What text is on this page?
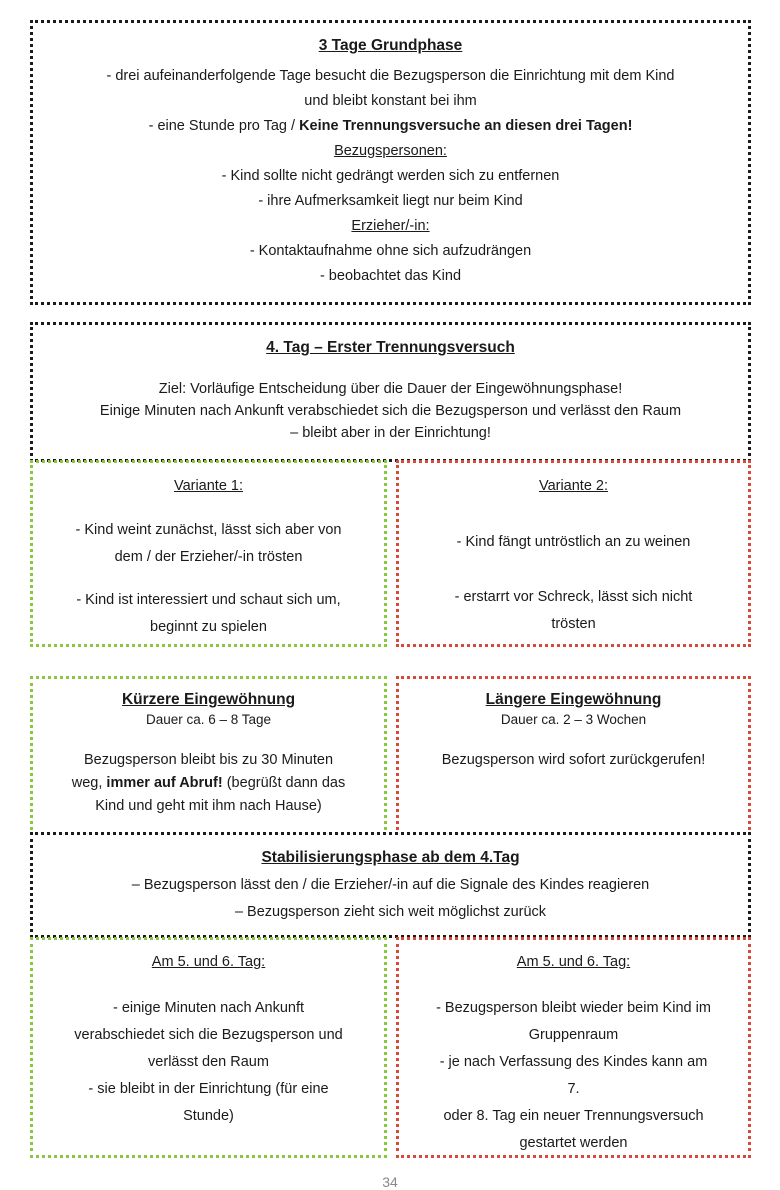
3 Tage Grundphase
- drei aufeinanderfolgende Tage besucht die Bezugsperson die Einrichtung mit dem Kind
und bleibt konstant bei ihm
- eine Stunde pro Tag / Keine Trennungsversuche an diesen drei Tagen!
Bezugspersonen:
- Kind sollte nicht gedrängt werden sich zu entfernen
- ihre Aufmerksamkeit liegt nur beim Kind
Erzieher/-in:
- Kontaktaufnahme ohne sich aufzudrängen
- beobachtet das Kind
4. Tag – Erster Trennungsversuch
Ziel: Vorläufige Entscheidung über die Dauer der Eingewöhnungsphase!
Einige Minuten nach Ankunft verabschiedet sich die Bezugsperson und verlässt den Raum
– bleibt aber in der Einrichtung!
Variante 1:
- Kind weint zunächst, lässt sich aber von
dem / der Erzieher/-in trösten
- Kind ist interessiert und schaut sich um,
beginnt zu spielen
Variante 2:
- Kind fängt untröstlich an zu weinen
- erstarrt vor Schreck, lässt sich nicht
trösten
Kürzere Eingewöhnung
Dauer ca. 6 – 8 Tage
Bezugsperson bleibt bis zu 30 Minuten
weg, immer auf Abruf! (begrüßt dann das
Kind und geht mit ihm nach Hause)
Längere Eingewöhnung
Dauer ca. 2 – 3 Wochen
Bezugsperson wird sofort zurückgerufen!
Stabilisierungsphase ab dem 4.Tag
– Bezugsperson lässt den / die Erzieher/-in auf die Signale des Kindes reagieren
– Bezugsperson zieht sich weit möglichst zurück
Am 5. und 6. Tag:
- einige Minuten nach Ankunft
verabschiedet sich die Bezugsperson und
verlässt den Raum
- sie bleibt in der Einrichtung (für eine
Stunde)
Am 5. und 6. Tag:
- Bezugsperson bleibt wieder beim Kind im
Gruppenraum
- je nach Verfassung des Kindes kann am
7.
oder 8. Tag ein neuer Trennungsversuch
gestartet werden
34
